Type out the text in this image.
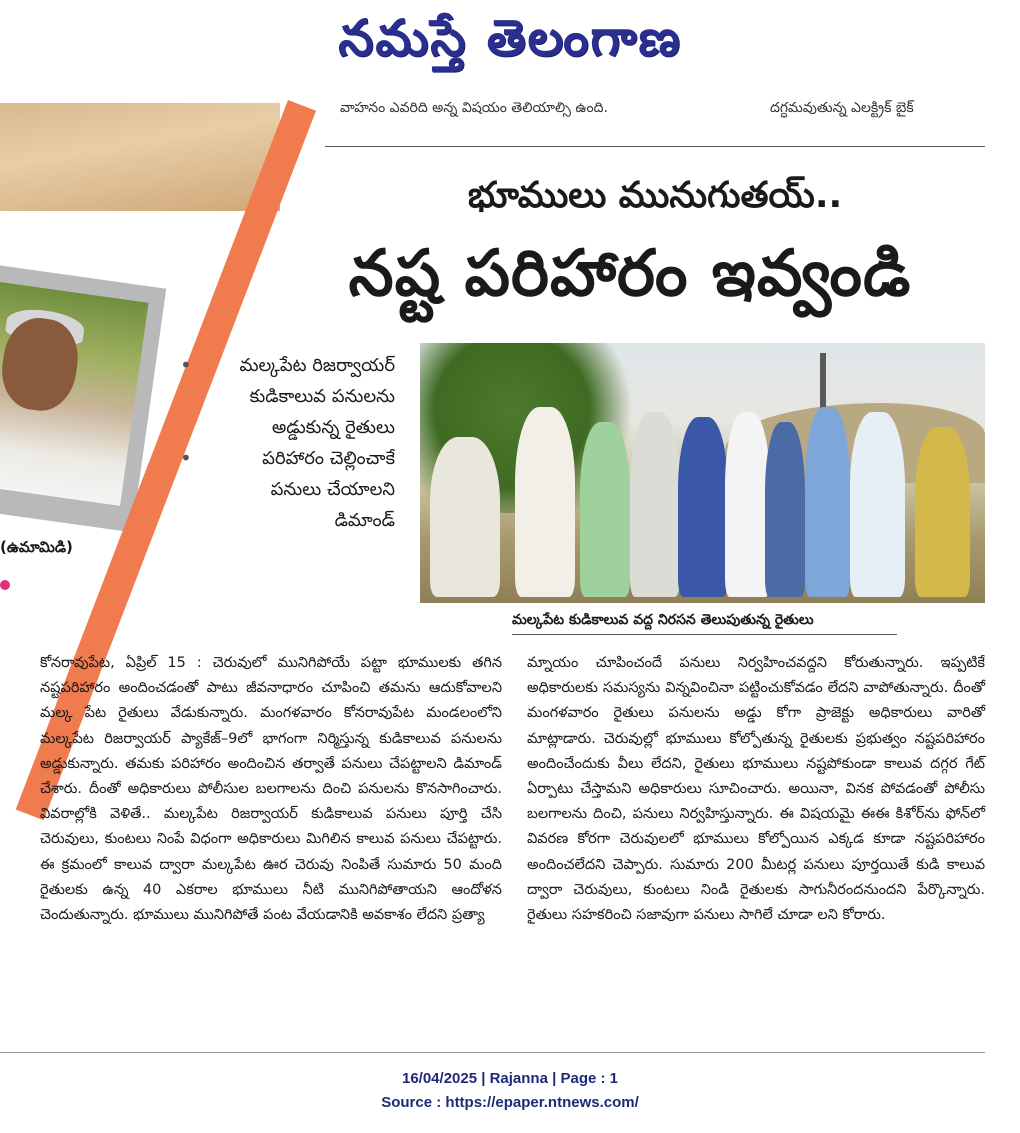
నమస్తే తెలంగాణ
(ఉమామిడి)
వాహనం ఎవరిది అన్న విషయం తెలియాల్సి ఉంది.	దగ్ధమవుతున్న ఎలక్ట్రిక్ బైక్
భూములు మునుగుతయ్..
నష్ట పరిహారం ఇవ్వండి
•	మల్కపేట రిజర్వాయర్ కుడికాలువ పనులను అడ్డుకున్న రైతులు
•	పరిహారం చెల్లించాకే పనులు చేయాలని డిమాండ్
మల్కపేట కుడికాలువ వద్ద నిరసన తెలుపుతున్న రైతులు

కోనరావుపేట, ఏప్రిల్ 15 : చెరువులో మునిగిపోయే పట్టా భూములకు తగిన నష్టపరిహారం అందించడంతో పాటు జీవనాధారం చూపించి తమను ఆదుకోవాలని మల్క పేట రైతులు వేడుకున్నారు. మంగళవారం కోనరావుపేట మండలంలోని మల్కపేట రిజర్వాయర్ ప్యాకేజ్–9లో భాగంగా నిర్మిస్తున్న కుడికాలువ పనులను అడ్డుకున్నారు. తమకు పరిహారం అందించిన తర్వాతే పనులు చేపట్టాలని డిమాండ్ చేశారు. దీంతో అధికారులు పోలీసుల బలగాలను దించి పనులను కొనసాగించారు. వివరాల్లోకి వెళితే.. మల్కపేట రిజర్వాయర్ కుడికాలువ పనులు పూర్తి చేసి చెరువులు, కుంటలు నింపే విధంగా అధికారులు మిగిలిన కాలువ పనులు చేపట్టారు. ఈ క్రమంలో కాలువ ద్వారా మల్కపేట ఊర చెరువు నింపితే సుమారు 50 మంది రైతులకు ఉన్న 40 ఎకరాల భూములు నీటి మునిగిపోతాయని ఆందోళన చెందుతున్నారు. భూములు మునిగిపోతే పంట వేయడానికి అవకాశం లేదని ప్రత్యా

మ్నాయం చూపించందే పనులు నిర్వహించవద్దని కోరుతున్నారు. ఇప్పటికే అధికారులకు సమస్యను విన్నవించినా పట్టించుకోవడం లేదని వాపోతున్నారు. దీంతో మంగళవారం రైతులు పనులను అడ్డు కోగా ప్రాజెక్టు అధికారులు వారితో మాట్లాడారు. చెరువుల్లో భూములు కోల్పోతున్న రైతులకు ప్రభుత్వం నష్టపరిహారం అందించేందుకు వీలు లేదని, రైతులు భూములు నష్టపోకుండా కాలువ దగ్గర గేట్ ఏర్పాటు చేస్తామని అధికారులు సూచించారు. అయినా, వినక పోవడంతో పోలీసు బలగాలను దించి, పనులు నిర్వహిస్తున్నారు. ఈ విషయమై ఈఈ కిశోర్‌ను ఫోన్‌లో వివరణ కోరగా చెరువులలో భూములు కోల్పోయిన ఎక్కడ కూడా నష్టపరిహారం అందించలేదని చెప్పారు. సుమారు 200 మీటర్ల పనులు పూర్తయితే కుడి కాలువ ద్వారా చెరువులు, కుంటలు నిండి రైతులకు సాగునీరందనుందని పేర్కొన్నారు. రైతులు సహకరించి సజావుగా పనులు సాగిలే చూడా లని కోరారు.

16/04/2025 | Rajanna | Page : 1
Source : https://epaper.ntnews.com/
